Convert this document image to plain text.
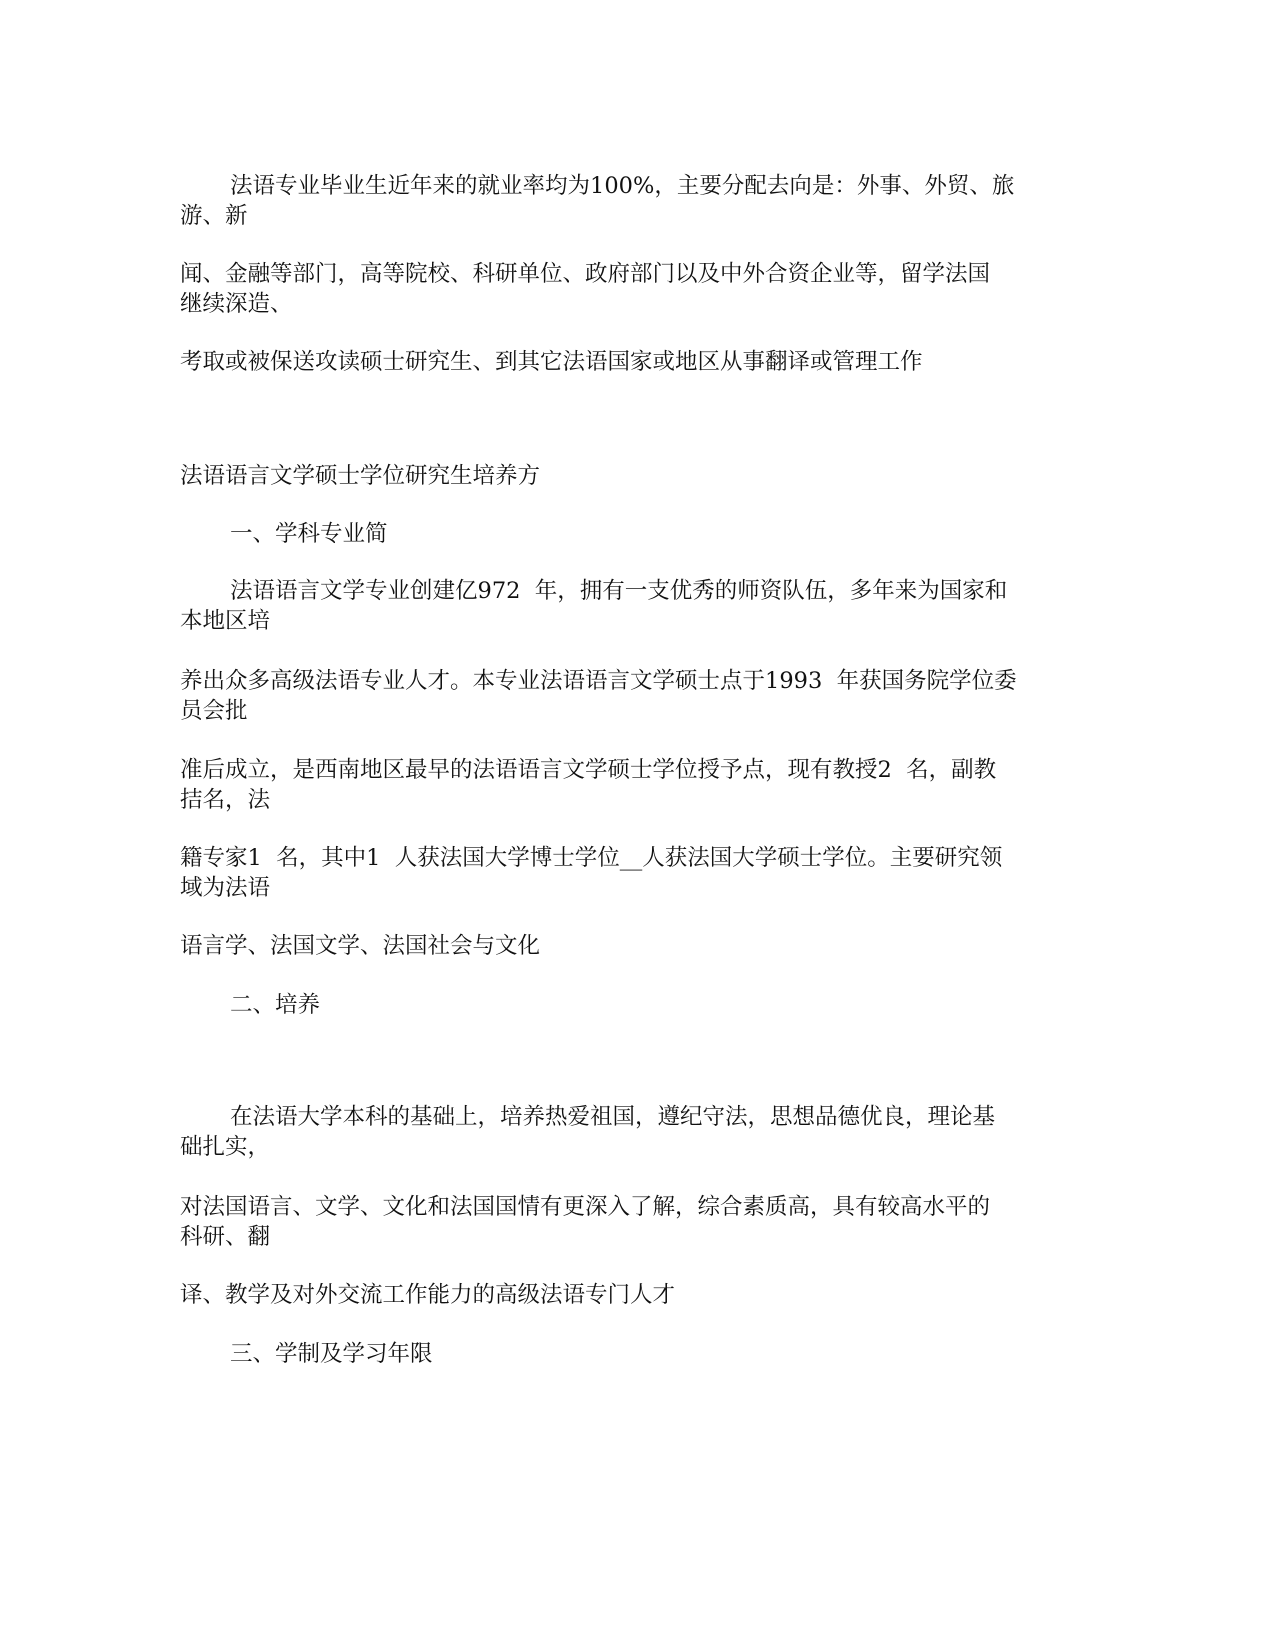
法语专业毕业生近年来的就业率均为100%，主要分配去向是：外事、外贸、旅
游、新
闻、金融等部门，高等院校、科研单位、政府部门以及中外合资企业等，留学法国
继续深造、
考取或被保送攻读硕士研究生、到其它法语国家或地区从事翻译或管理工作
法语语言文学硕士学位研究生培养方
一、学科专业简
法语语言文学专业创建亿972  年，拥有一支优秀的师资队伍，多年来为国家和
本地区培
养出众多高级法语专业人才。本专业法语语言文学硕士点于1993  年获国务院学位委
员会批
准后成立，是西南地区最早的法语语言文学硕士学位授予点，现有教授2  名，副教
拮名，法
籍专家1  名，其中1  人获法国大学博士学位__人获法国大学硕士学位。主要研究领
域为法语
语言学、法国文学、法国社会与文化
二、培养
在法语大学本科的基础上，培养热爱祖国，遵纪守法，思想品德优良，理论基
础扎实，
对法国语言、文学、文化和法国国情有更深入了解，综合素质高，具有较高水平的
科研、翻
译、教学及对外交流工作能力的高级法语专门人才
三、学制及学习年限
